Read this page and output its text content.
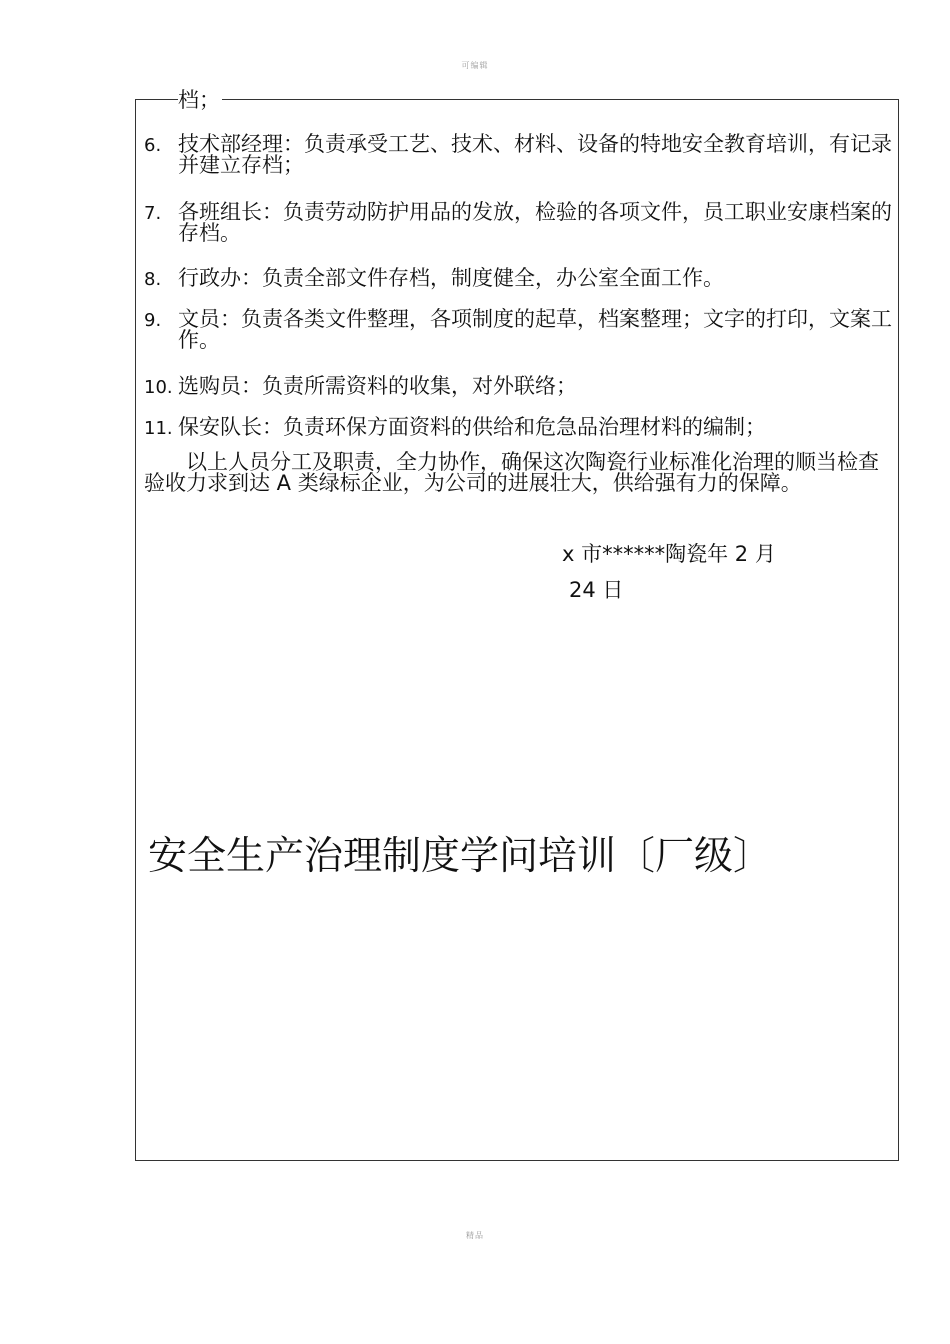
可编辑
档；
6. 技术部经理：负责承受工艺、技术、材料、设备的特地安全教育培训，有记录并建立存档；
7. 各班组长：负责劳动防护用品的发放，检验的各项文件，员工职业安康档案的存档。
8. 行政办：负责全部文件存档，制度健全，办公室全面工作。
9. 文员：负责各类文件整理，各项制度的起草，档案整理；文字的打印，文案工作。
10. 选购员：负责所需资料的收集，对外联络；
11. 保安队长：负责环保方面资料的供给和危急品治理材料的编制；
以上人员分工及职责，全力协作，确保这次陶瓷行业标准化治理的顺当检查验收力求到达 A 类绿标企业，为公司的进展壮大，供给强有力的保障。
x 市******陶瓷年 2 月
24 日
安全生产治理制度学问培训〔厂级〕
精品
